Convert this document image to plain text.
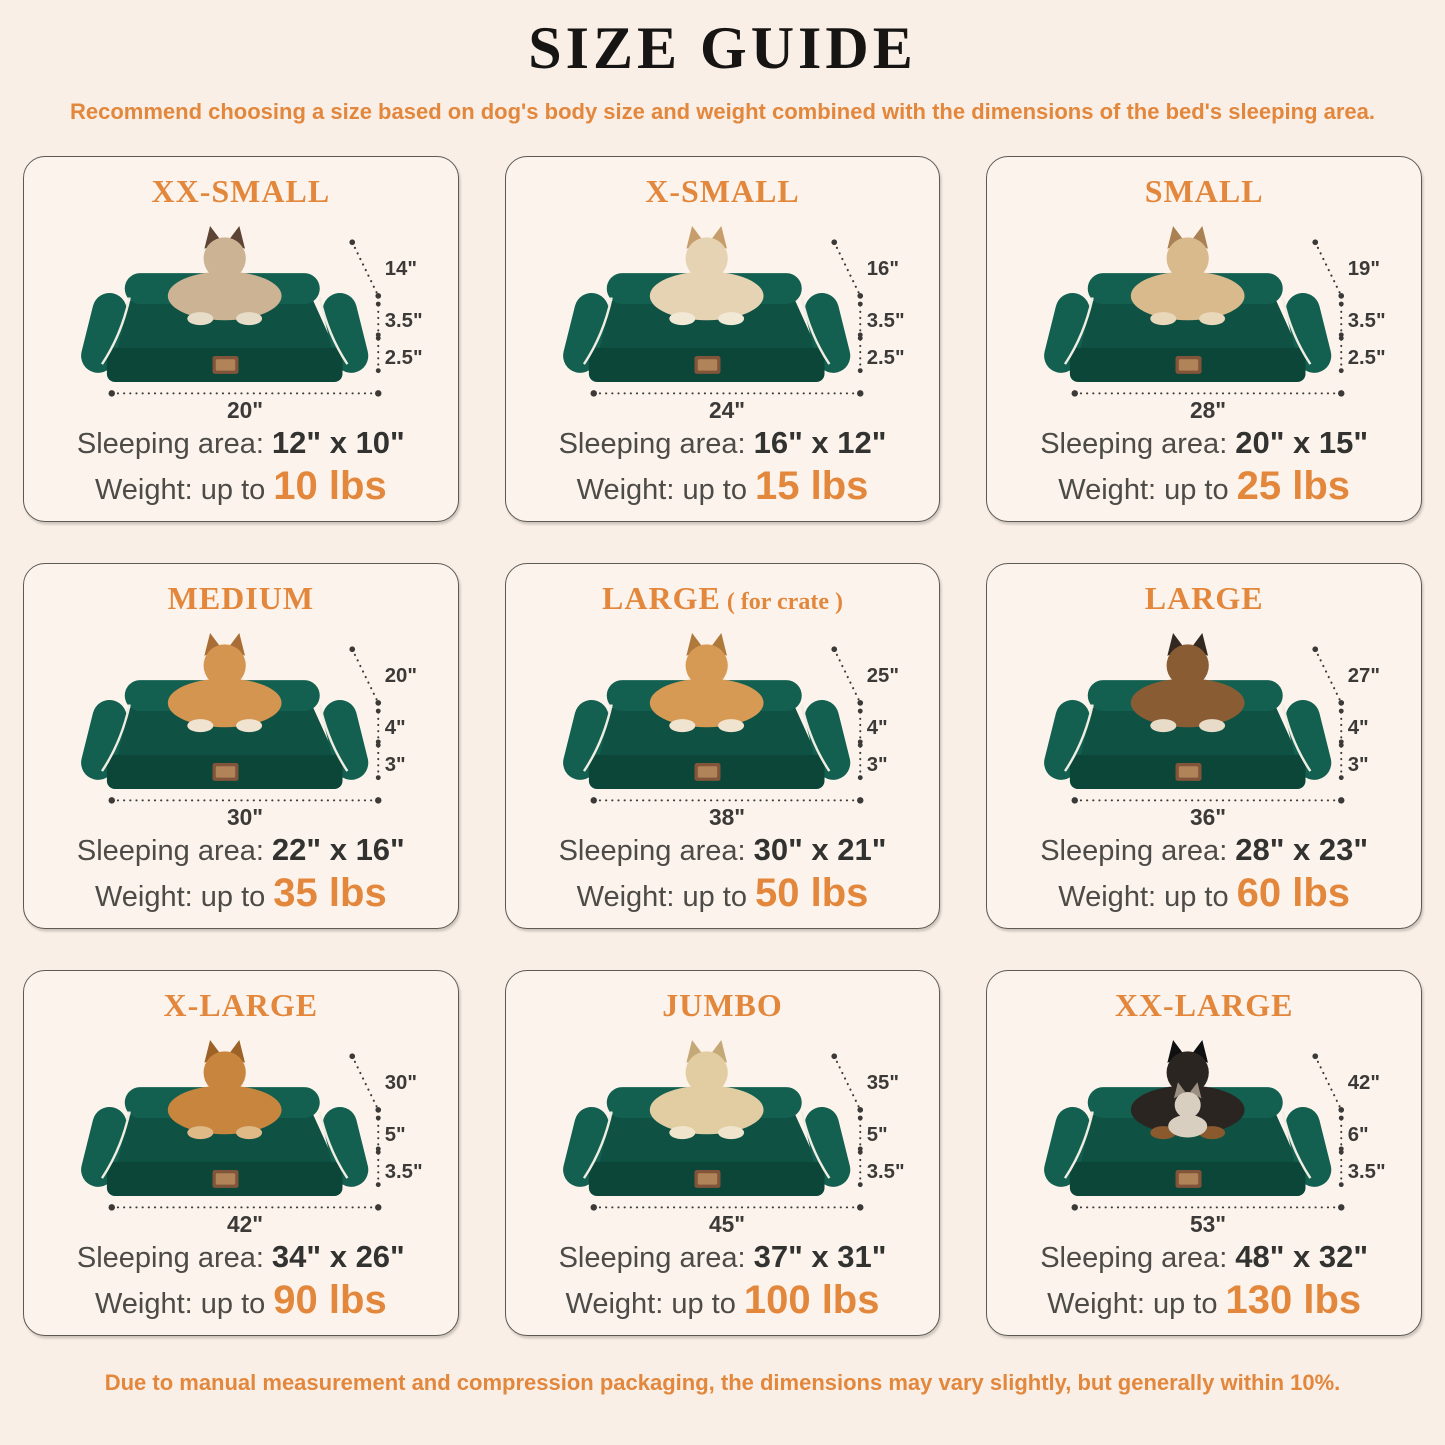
SIZE GUIDE

Recommend choosing a size based on dog's body size and weight combined with the dimensions of the bed's sleeping area.

XX-SMALL
14"
3.5"
2.5"
20"

Sleeping area: 12" x 10"

Weight: up to 10 lbs

X-SMALL
16"
3.5"
2.5"
24"

Sleeping area: 16" x 12"

Weight: up to 15 lbs

SMALL
19"
3.5"
2.5"
28"

Sleeping area: 20" x 15"

Weight: up to 25 lbs

MEDIUM
20"
4"
3"
30"

Sleeping area: 22" x 16"

Weight: up to 35 lbs

LARGE ( for crate )
25"
4"
3"
38"

Sleeping area: 30" x 21"

Weight: up to 50 lbs

LARGE
27"
4"
3"
36"

Sleeping area: 28" x 23"

Weight: up to 60 lbs

X-LARGE
30"
5"
3.5"
42"

Sleeping area: 34" x 26"

Weight: up to 90 lbs

JUMBO
35"
5"
3.5"
45"

Sleeping area: 37" x 31"

Weight: up to 100 lbs

XX-LARGE
42"
6"
3.5"
53"

Sleeping area: 48" x 32"

Weight: up to 130 lbs

Due to manual measurement and compression packaging, the dimensions may vary slightly, but generally within 10%.
